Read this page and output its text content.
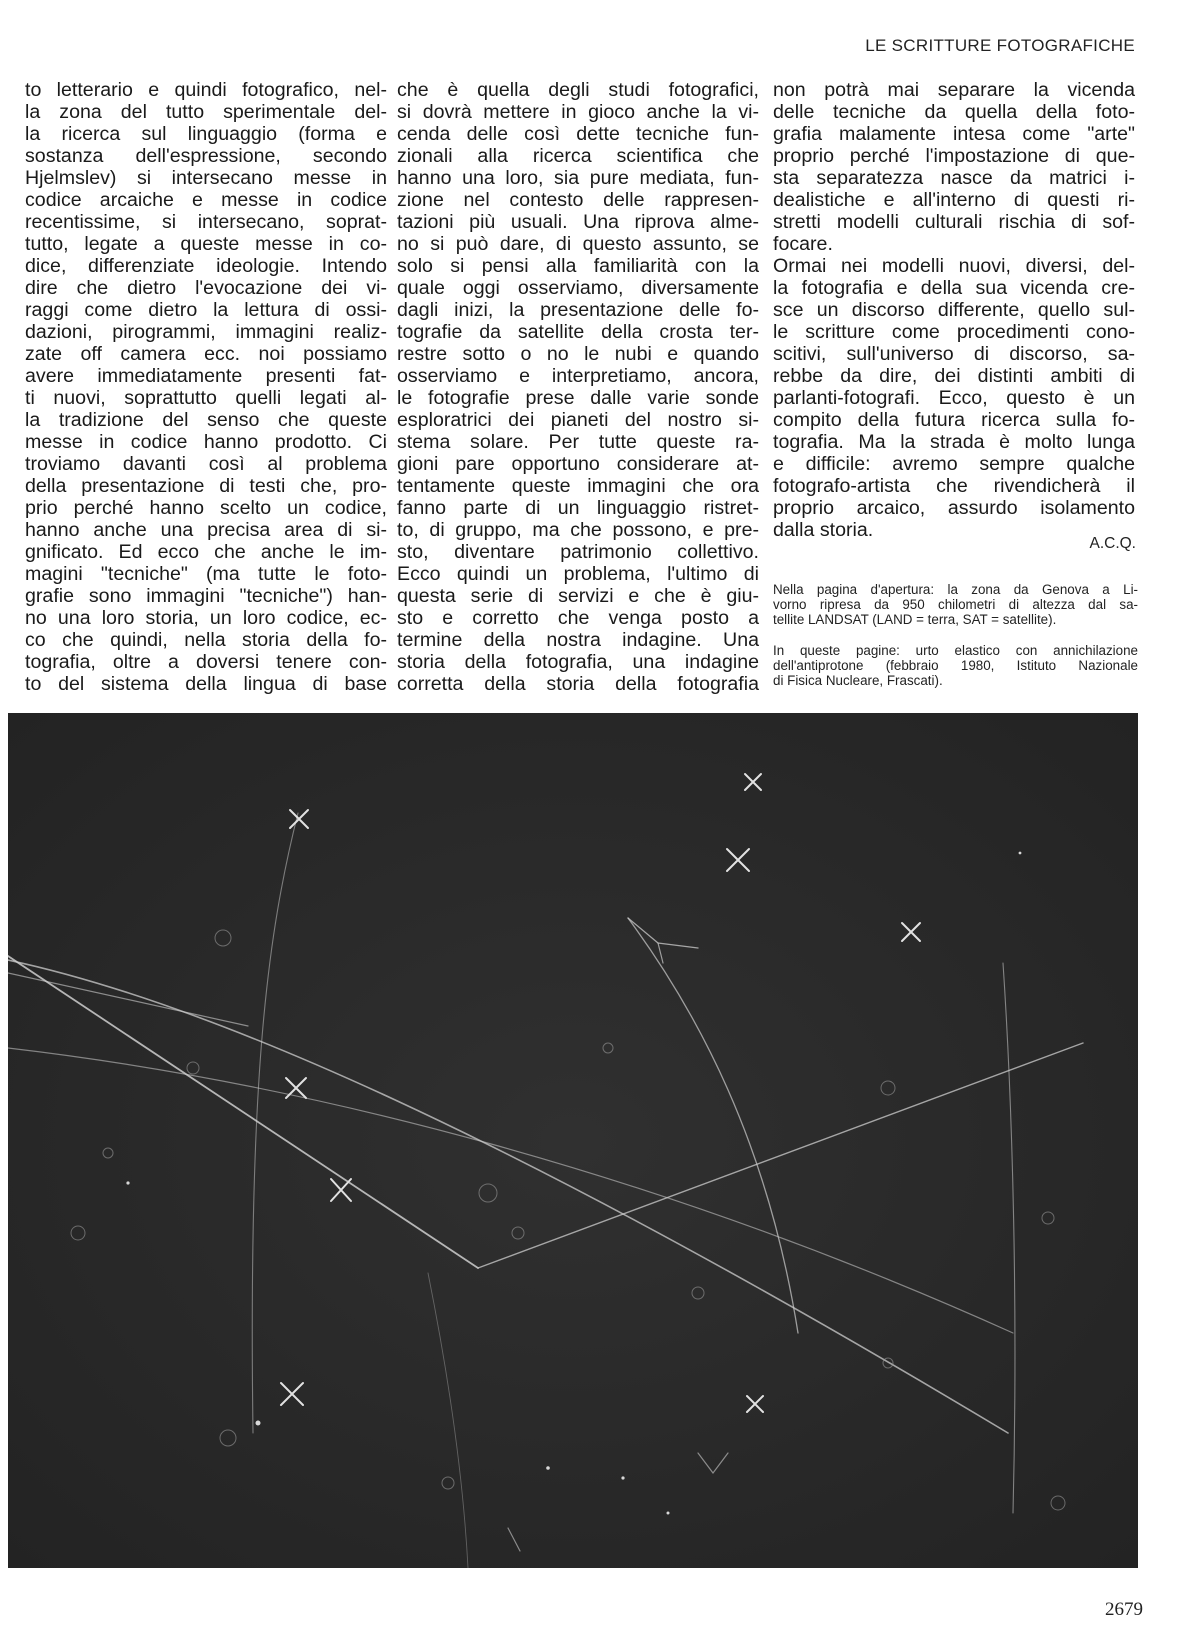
LE SCRITTURE FOTOGRAFICHE
to letterario e quindi fotografico, nel-
la zona del tutto sperimentale del-
la ricerca sul linguaggio (forma e
sostanza dell'espressione, secondo
Hjelmslev) si intersecano messe in
codice arcaiche e messe in codice
recentissime, si intersecano, soprat-
tutto, legate a queste messe in co-
dice, differenziate ideologie. Intendo
dire che dietro l'evocazione dei vi-
raggi come dietro la lettura di ossi-
dazioni, pirogrammi, immagini realiz-
zate off camera ecc. noi possiamo
avere immediatamente presenti fat-
ti nuovi, soprattutto quelli legati al-
la tradizione del senso che queste
messe in codice hanno prodotto. Ci
troviamo davanti così al problema
della presentazione di testi che, pro-
prio perché hanno scelto un codice,
hanno anche una precisa area di si-
gnificato. Ed ecco che anche le im-
magini "tecniche" (ma tutte le foto-
grafie sono immagini "tecniche") han-
no una loro storia, un loro codice, ec-
co che quindi, nella storia della fo-
tografia, oltre a doversi tenere con-
to del sistema della lingua di base
che è quella degli studi fotografici,
si dovrà mettere in gioco anche la vi-
cenda delle così dette tecniche fun-
zionali alla ricerca scientifica che
hanno una loro, sia pure mediata, fun-
zione nel contesto delle rappresen-
tazioni più usuali. Una riprova alme-
no si può dare, di questo assunto, se
solo si pensi alla familiarità con la
quale oggi osserviamo, diversamente
dagli inizi, la presentazione delle fo-
tografie da satellite della crosta ter-
restre sotto o no le nubi e quando
osserviamo e interpretiamo, ancora,
le fotografie prese dalle varie sonde
esploratrici dei pianeti del nostro si-
stema solare. Per tutte queste ra-
gioni pare opportuno considerare at-
tentamente queste immagini che ora
fanno parte di un linguaggio ristret-
to, di gruppo, ma che possono, e pre-
sto, diventare patrimonio collettivo.
Ecco quindi un problema, l'ultimo di
questa serie di servizi e che è giu-
sto e corretto che venga posto a
termine della nostra indagine. Una
storia della fotografia, una indagine
corretta della storia della fotografia
non potrà mai separare la vicenda
delle tecniche da quella della foto-
grafia malamente intesa come "arte"
proprio perché l'impostazione di que-
sta separatezza nasce da matrici i-
dealistiche e all'interno di questi ri-
stretti modelli culturali rischia di sof-
focare.
Ormai nei modelli nuovi, diversi, del-
la fotografia e della sua vicenda cre-
sce un discorso differente, quello sul-
le scritture come procedimenti cono-
scitivi, sull'universo di discorso, sa-
rebbe da dire, dei distinti ambiti di
parlanti-fotografi. Ecco, questo è un
compito della futura ricerca sulla fo-
tografia. Ma la strada è molto lunga
e difficile: avremo sempre qualche
fotografo-artista che rivendicherà il
proprio arcaico, assurdo isolamento
dalla storia.
A.C.Q.
Nella pagina d'apertura: la zona da Genova a Li-
vorno ripresa da 950 chilometri di altezza dal sa-
tellite LANDSAT (LAND = terra, SAT = satellite).
In queste pagine: urto elastico con annichilazione
dell'antiprotone (febbraio 1980, Istituto Nazionale
di Fisica Nucleare, Frascati).
2679
